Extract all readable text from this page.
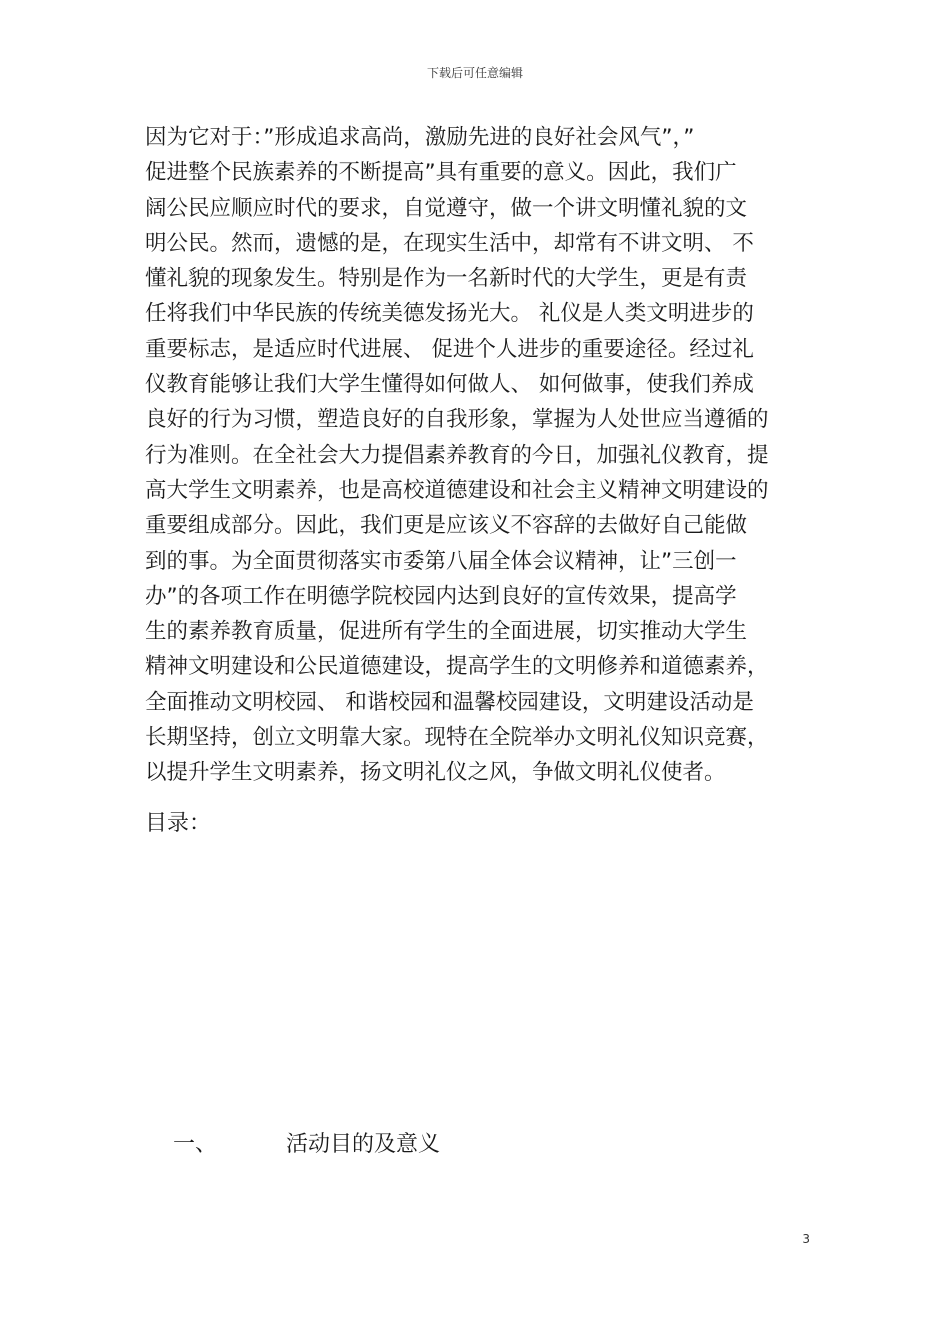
下载后可任意编辑
因为它对于：”形成追求高尚，激励先进的良好社会风气”，”
促进整个民族素养的不断提高”具有重要的意义。因此，我们广
阔公民应顺应时代的要求，自觉遵守，做一个讲文明懂礼貌的文
明公民。然而，遗憾的是，在现实生活中，却常有不讲文明、 不
懂礼貌的现象发生。特别是作为一名新时代的大学生，更是有责
任将我们中华民族的传统美德发扬光大。 礼仪是人类文明进步的
重要标志，是适应时代进展、 促进个人进步的重要途径。经过礼
仪教育能够让我们大学生懂得如何做人、 如何做事，使我们养成
良好的行为习惯，塑造良好的自我形象，掌握为人处世应当遵循的
行为准则。在全社会大力提倡素养教育的今日，加强礼仪教育，提
高大学生文明素养，也是高校道德建设和社会主义精神文明建设的
重要组成部分。因此，我们更是应该义不容辞的去做好自己能做
到的事。为全面贯彻落实市委第八届全体会议精神，让”三创一
办”的各项工作在明德学院校园内达到良好的宣传效果，提高学
生的素养教育质量，促进所有学生的全面进展，切实推动大学生
精神文明建设和公民道德建设，提高学生的文明修养和道德素养，
全面推动文明校园、 和谐校园和温馨校园建设，文明建设活动是
长期坚持，创立文明靠大家。现特在全院举办文明礼仪知识竞赛，
以提升学生文明素养，扬文明礼仪之风，争做文明礼仪使者。
目录：

一、	活动目的及意义

3
